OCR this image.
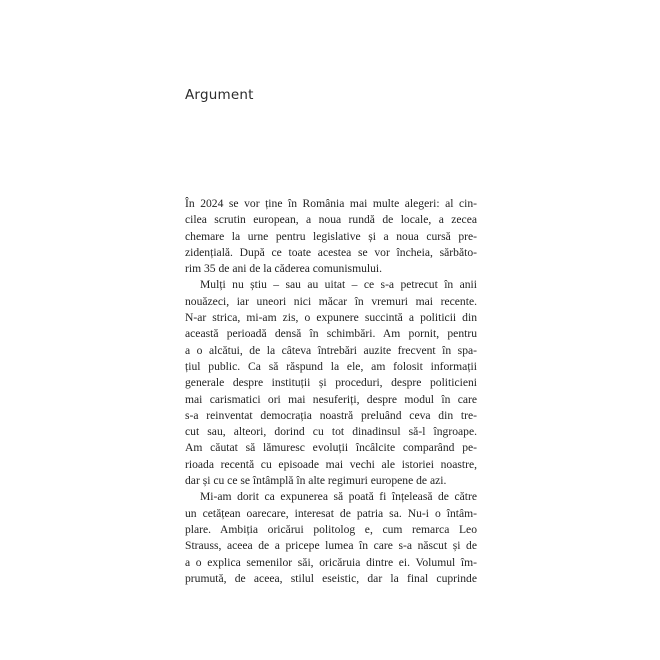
Argument
În 2024 se vor ține în România mai multe alegeri: al cin-
cilea scrutin european, a noua rundă de locale, a zecea
chemare la urne pentru legislative și a noua cursă pre-
zidențială. După ce toate acestea se vor încheia, sărbăto-
rim 35 de ani de la căderea comunismului.
Mulți nu știu – sau au uitat – ce s-a petrecut în anii
nouăzeci, iar uneori nici măcar în vremuri mai recente.
N-ar strica, mi-am zis, o expunere succintă a politicii din
această perioadă densă în schimbări. Am pornit, pentru
a o alcătui, de la câteva întrebări auzite frecvent în spa-
țiul public. Ca să răspund la ele, am folosit informații
generale despre instituții și proceduri, despre politicieni
mai carismatici ori mai nesuferiți, despre modul în care
s-a reinventat democrația noastră preluând ceva din tre-
cut sau, alteori, dorind cu tot dinadinsul să-l îngroape.
Am căutat să lămuresc evoluții încâlcite comparând pe-
rioada recentă cu episoade mai vechi ale istoriei noastre,
dar și cu ce se întâmplă în alte regimuri europene de azi.
Mi-am dorit ca expunerea să poată fi înțeleasă de către
un cetățean oarecare, interesat de patria sa. Nu-i o întâm-
plare. Ambiția oricărui politolog e, cum remarca Leo
Strauss, aceea de a pricepe lumea în care s-a născut și de
a o explica semenilor săi, oricăruia dintre ei. Volumul îm-
prumută, de aceea, stilul eseistic, dar la final cuprinde
